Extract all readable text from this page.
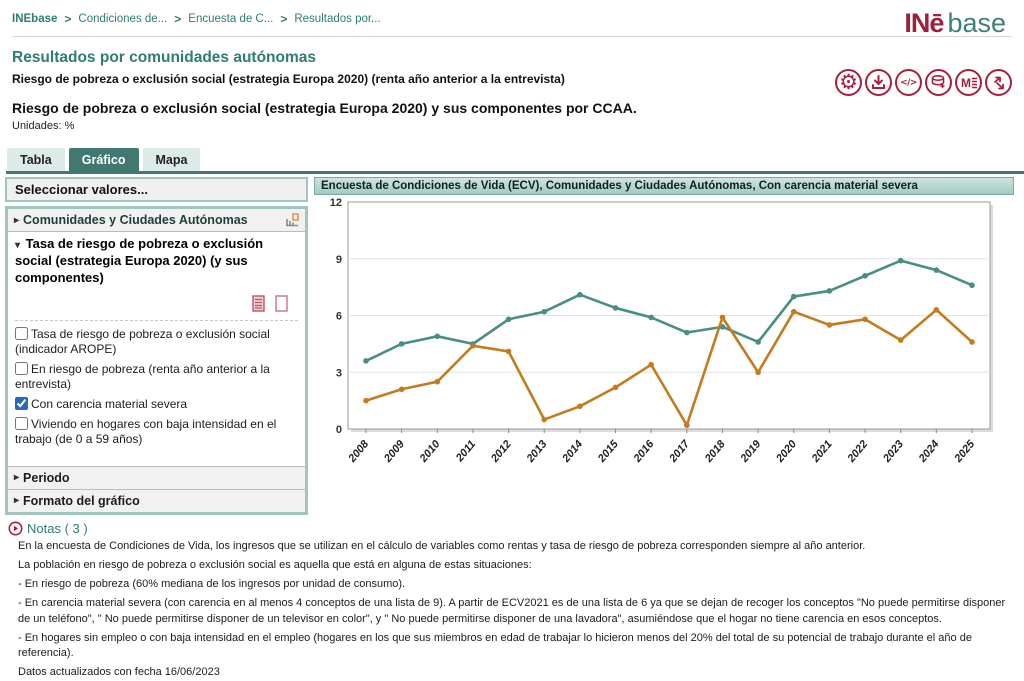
INEbase > Condiciones de... > Encuesta de C... > Resultados por...	INē base
Resultados por comunidades autónomas
Riesgo de pobreza o exclusión social (estrategia Europa 2020) (renta año anterior a la entrevista)
Riesgo de pobreza o exclusión social (estrategia Europa 2020) y sus componentes por CCAA.
Unidades: %
⚙	</>	M
Tabla	Gráfico	Mapa
Seleccionar valores...
▸ Comunidades y Ciudades Autónomas
▾ Tasa de riesgo de pobreza o exclusión social (estrategia Europa 2020) (y sus componentes)
Tasa de riesgo de pobreza o exclusión social (indicador AROPE)
En riesgo de pobreza (renta año anterior a la entrevista)
Con carencia material severa
Viviendo en hogares con baja intensidad en el trabajo (de 0 a 59 años)
▸ Periodo
▸ Formato del gráfico
Encuesta de Condiciones de Vida (ECV), Comunidades y Ciudades Autónomas, Con carencia material severa
0
3
6
9
12
2008 2009 2010 2011 2012 2013 2014 2015 2016 2017 2018 2019 2020 2021 2022 2023 2024 2025
Notas ( 3 )
En la encuesta de Condiciones de Vida, los ingresos que se utilizan en el cálculo de variables como rentas y tasa de riesgo de pobreza corresponden siempre al año anterior.
La población en riesgo de pobreza o exclusión social es aquella que está en alguna de estas situaciones:
- En riesgo de pobreza (60% mediana de los ingresos por unidad de consumo).
- En carencia material severa (con carencia en al menos 4 conceptos de una lista de 9). A partir de ECV2021 es de una lista de 6 ya que se dejan de recoger los conceptos "No puede permitirse disponer de un teléfono", " No puede permitirse disponer de un televisor en color", y " No puede permitirse disponer de una lavadora", asumiéndose que el hogar no tiene carencia en esos conceptos.
- En hogares sin empleo o con baja intensidad en el empleo (hogares en los que sus miembros en edad de trabajar lo hicieron menos del 20% del total de su potencial de trabajo durante el año de referencia).
Datos actualizados con fecha 16/06/2023
